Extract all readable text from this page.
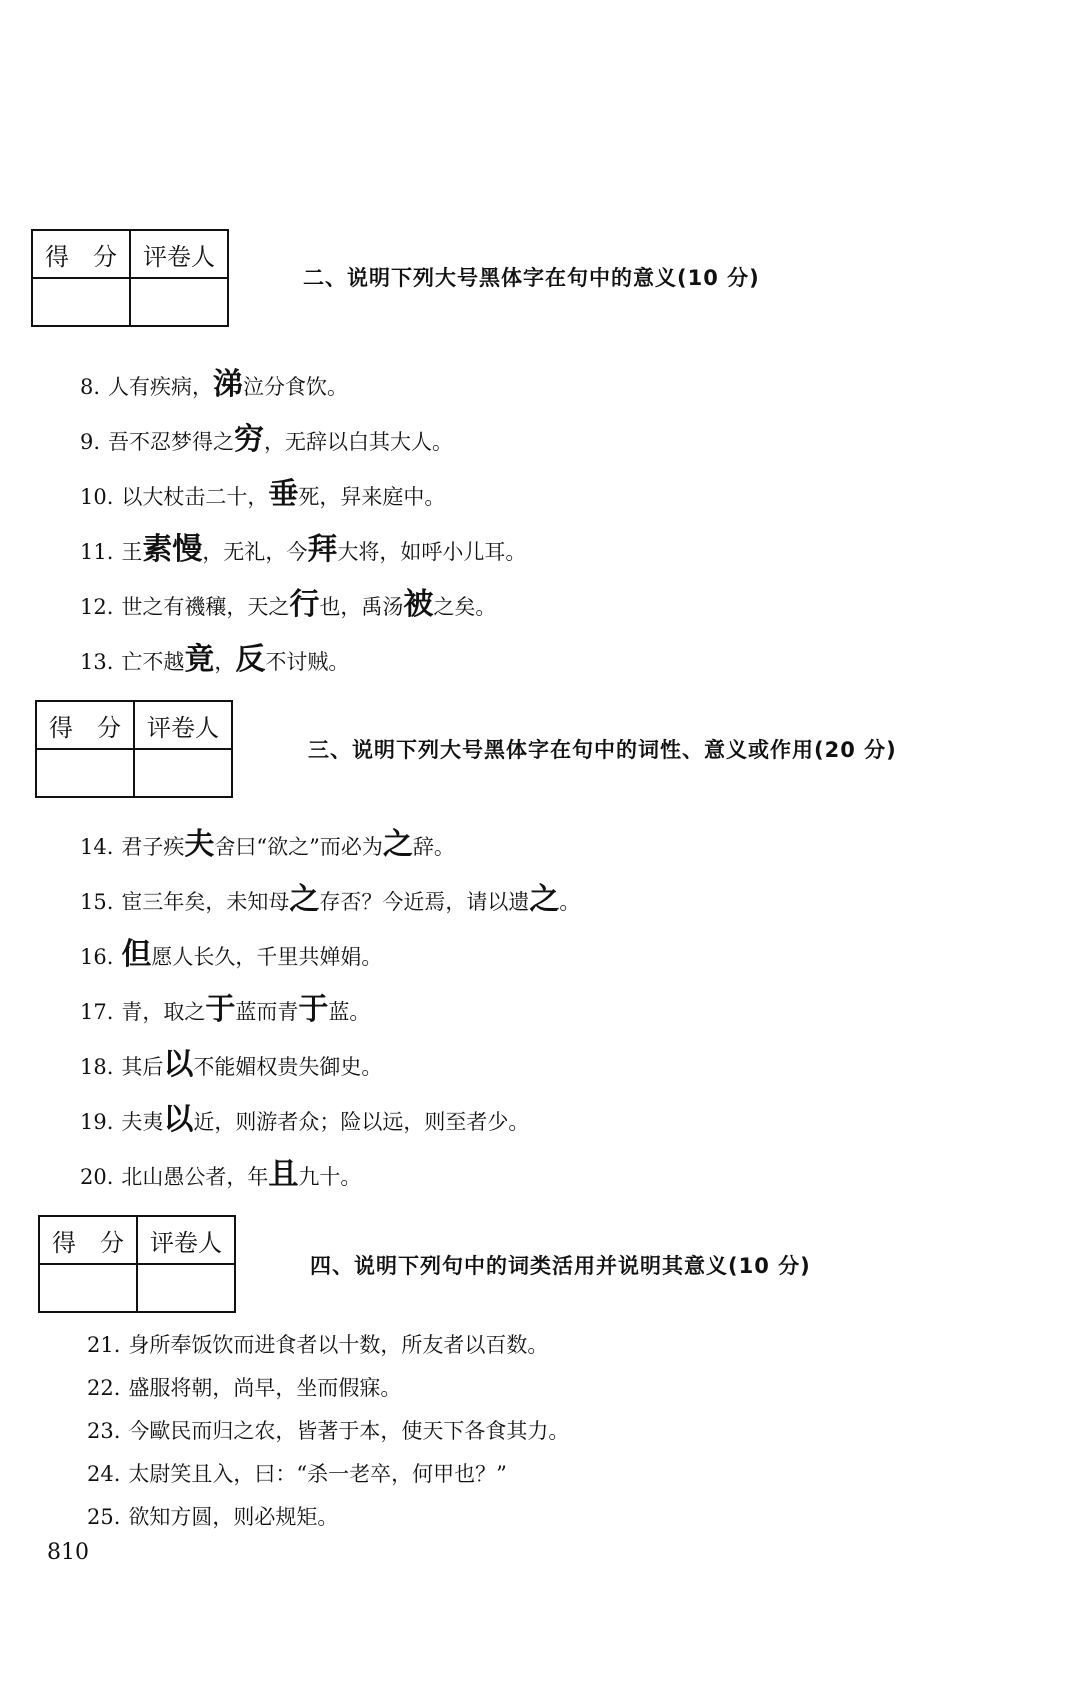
得　分	评卷人

二、说明下列大号黑体字在句中的意义(10 分)
8. 人有疾病，涕泣分食饮。
9. 吾不忍梦得之穷，无辞以白其大人。
10. 以大杖击二十，垂死，舁来庭中。
11. 王素慢，无礼，今拜大将，如呼小儿耳。
12. 世之有禨穰，天之行也，禹汤被之矣。
13. 亡不越竟，反不讨贼。
得　分	评卷人

三、说明下列大号黑体字在句中的词性、意义或作用(20 分)
14. 君子疾夫舍曰“欲之”而必为之辞。
15. 宦三年矣，未知母之存否？今近焉，请以遗之。
16. 但愿人长久，千里共婵娟。
17. 青，取之于蓝而青于蓝。
18. 其后以不能媚权贵失御史。
19. 夫夷以近，则游者众；险以远，则至者少。
20. 北山愚公者，年且九十。
得　分	评卷人

四、说明下列句中的词类活用并说明其意义(10 分)
21. 身所奉饭饮而进食者以十数，所友者以百数。
22. 盛服将朝，尚早，坐而假寐。
23. 今歐民而归之农，皆著于本，使天下各食其力。
24. 太尉笑且入，曰：“杀一老卒，何甲也？”
25. 欲知方圆，则必规矩。
810
